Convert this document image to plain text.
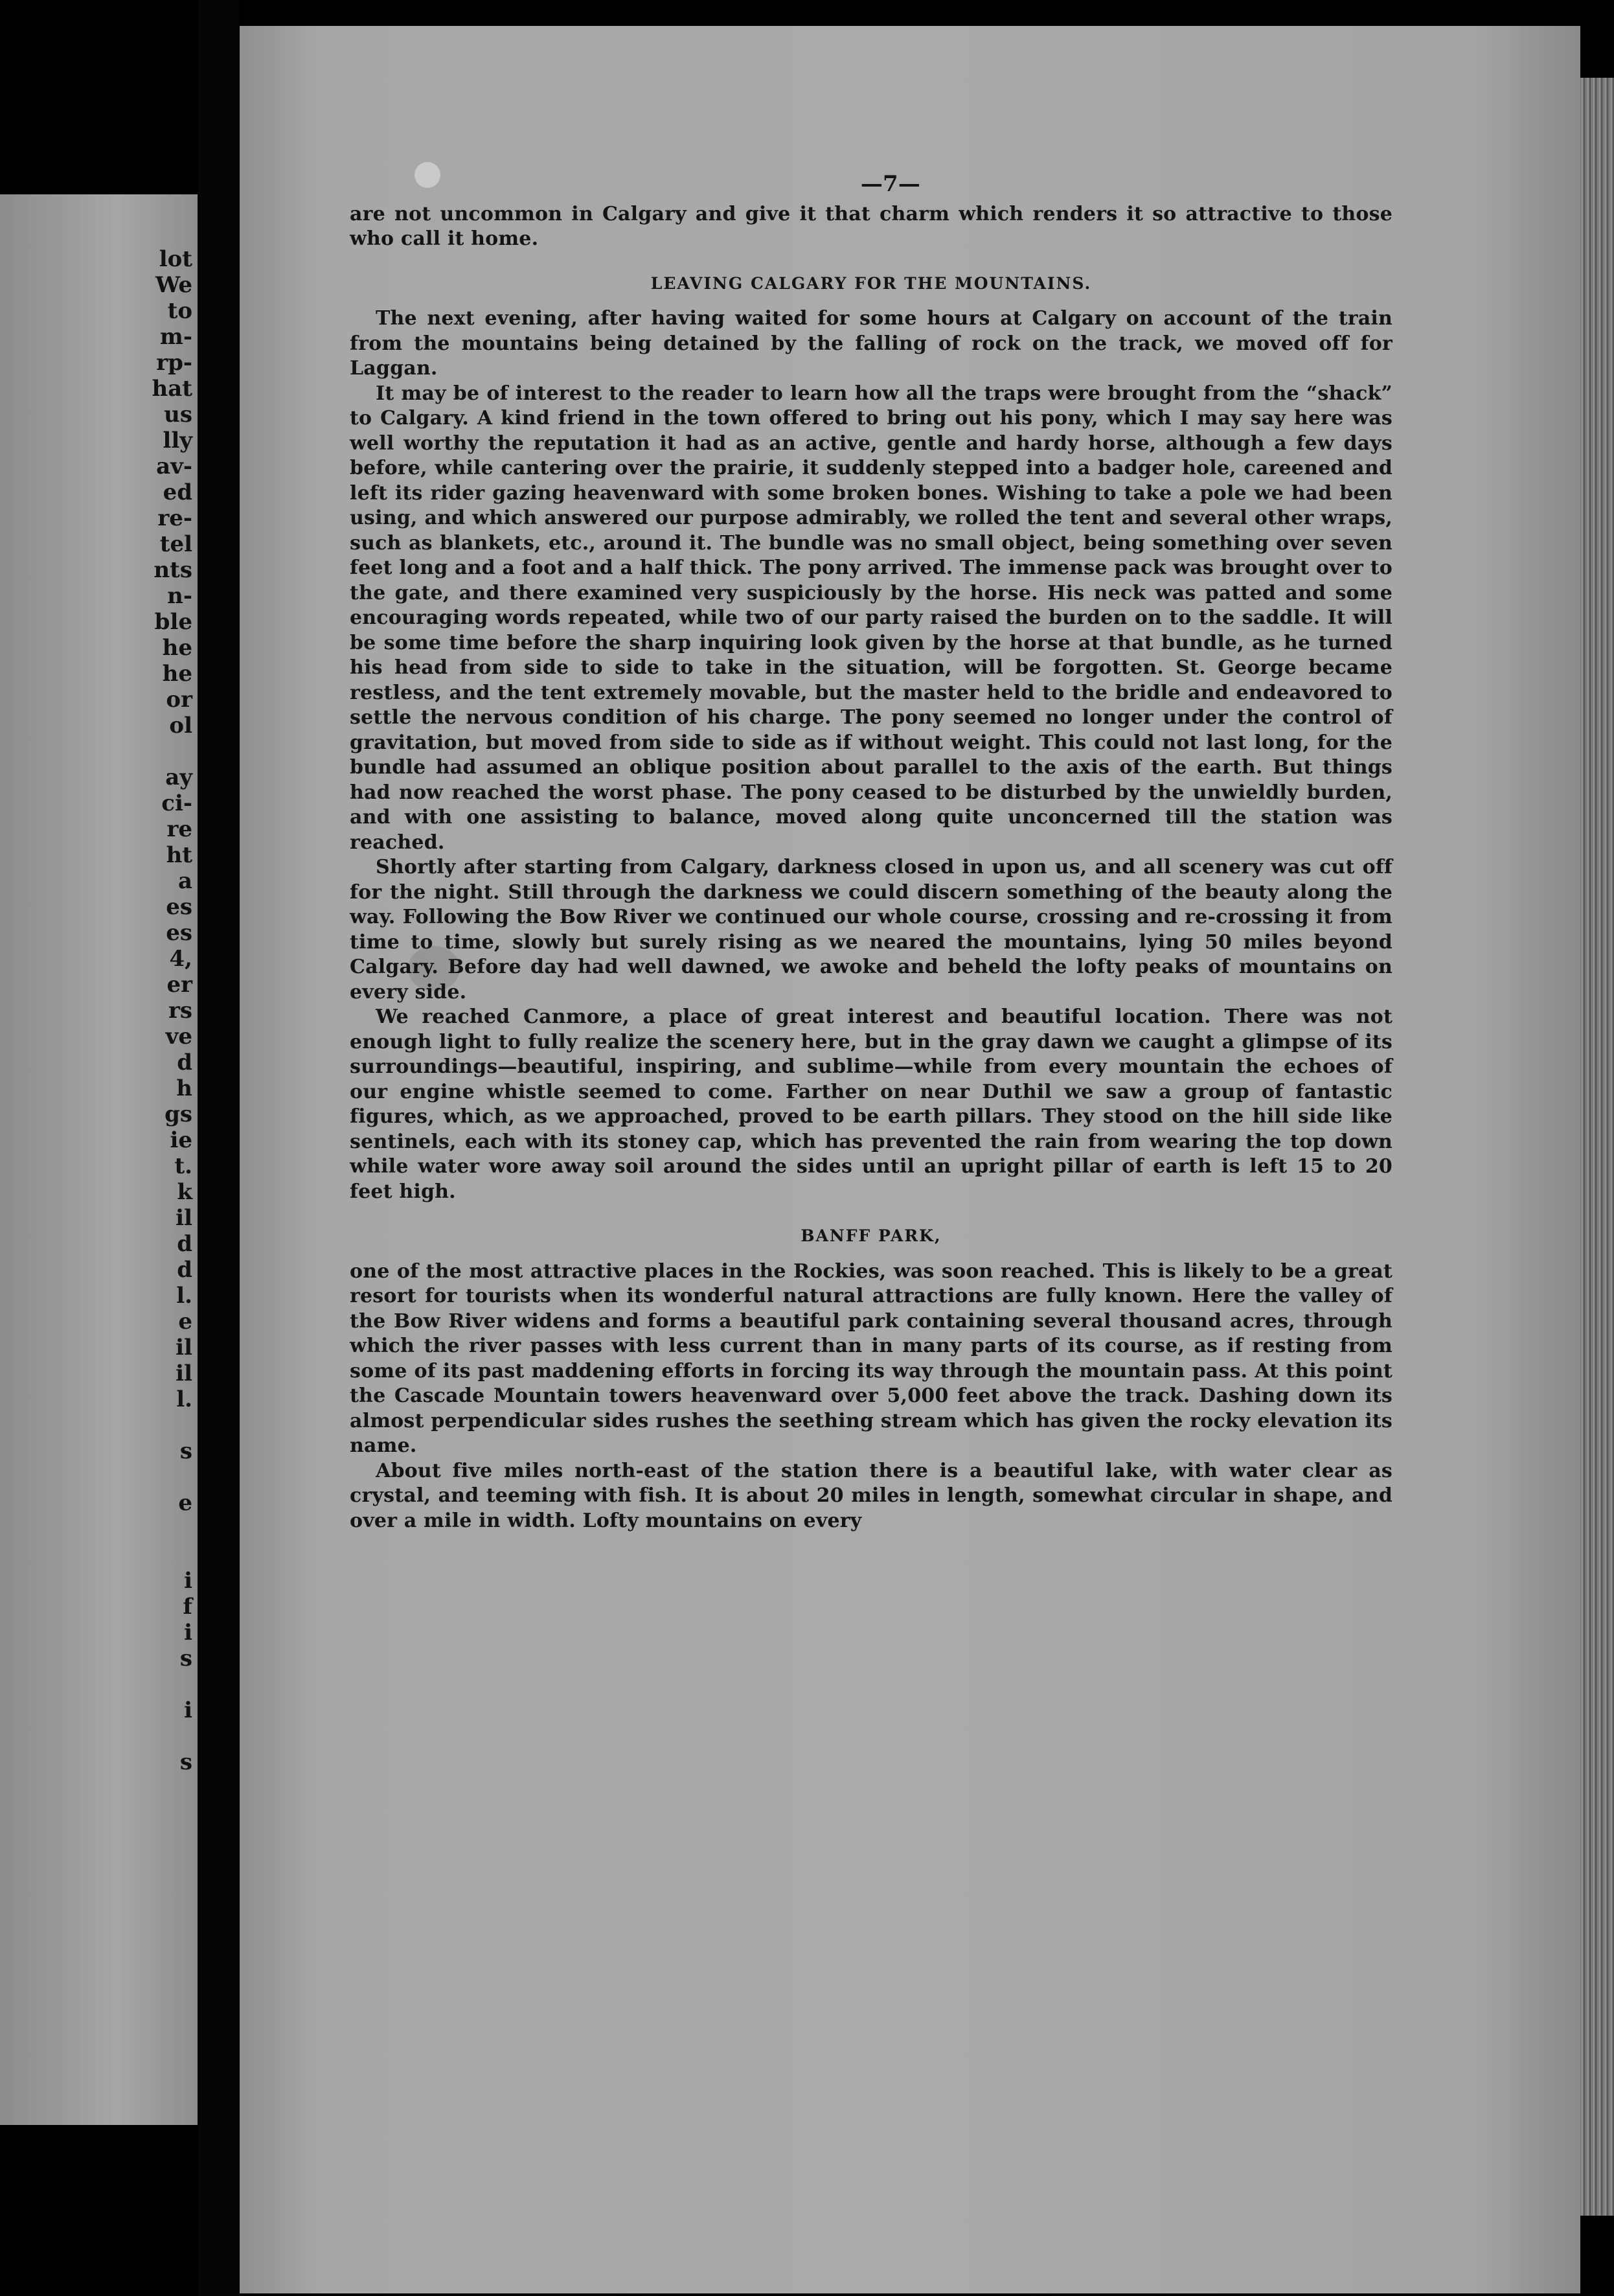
lot
We
to
m-
rp-
hat
us
lly
av-
ed
re-
tel
nts
n-
ble
he
he
or
ol
ay
ci-
re
ht
a
es
es
4,
er
rs
ve
d
h
gs
ie
t.
k
il
d
d
l.
e
il
il
l.
s
e
i
f
i
s
i
s
—7—

are not uncommon in Calgary and give it that charm which renders it so attractive to those who call it home.

LEAVING CALGARY FOR THE MOUNTAINS.

The next evening, after having waited for some hours at Calgary on account of the train from the mountains being detained by the falling of rock on the track, we moved off for Laggan.

It may be of interest to the reader to learn how all the traps were brought from the “shack” to Calgary. A kind friend in the town offered to bring out his pony, which I may say here was well worthy the reputation it had as an active, gentle and hardy horse, although a few days before, while cantering over the prairie, it suddenly stepped into a badger hole, careened and left its rider gazing heavenward with some broken bones. Wishing to take a pole we had been using, and which answered our purpose admirably, we rolled the tent and several other wraps, such as blankets, etc., around it. The bundle was no small object, being something over seven feet long and a foot and a half thick. The pony arrived. The immense pack was brought over to the gate, and there examined very suspiciously by the horse. His neck was patted and some encouraging words repeated, while two of our party raised the burden on to the saddle. It will be some time before the sharp inquiring look given by the horse at that bundle, as he turned his head from side to side to take in the situation, will be forgotten. St. George became restless, and the tent extremely movable, but the master held to the bridle and endeavored to settle the nervous condition of his charge. The pony seemed no longer under the control of gravitation, but moved from side to side as if without weight. This could not last long, for the bundle had assumed an oblique position about parallel to the axis of the earth. But things had now reached the worst phase. The pony ceased to be disturbed by the unwieldly burden, and with one assisting to balance, moved along quite unconcerned till the station was reached.

Shortly after starting from Calgary, darkness closed in upon us, and all scenery was cut off for the night. Still through the darkness we could discern something of the beauty along the way. Following the Bow River we continued our whole course, crossing and re-crossing it from time to time, slowly but surely rising as we neared the mountains, lying 50 miles beyond Calgary. Before day had well dawned, we awoke and beheld the lofty peaks of mountains on every side.

We reached Canmore, a place of great interest and beautiful location. There was not enough light to fully realize the scenery here, but in the gray dawn we caught a glimpse of its surroundings—beautiful, inspiring, and sublime—while from every mountain the echoes of our engine whistle seemed to come. Farther on near Duthil we saw a group of fantastic figures, which, as we approached, proved to be earth pillars. They stood on the hill side like sentinels, each with its stoney cap, which has prevented the rain from wearing the top down while water wore away soil around the sides until an upright pillar of earth is left 15 to 20 feet high.

BANFF PARK,

one of the most attractive places in the Rockies, was soon reached. This is likely to be a great resort for tourists when its wonderful natural attractions are fully known. Here the valley of the Bow River widens and forms a beautiful park containing several thousand acres, through which the river passes with less current than in many parts of its course, as if resting from some of its past maddening efforts in forcing its way through the mountain pass. At this point the Cascade Mountain towers heavenward over 5,000 feet above the track. Dashing down its almost perpendicular sides rushes the seething stream which has given the rocky elevation its name.

About five miles north-east of the station there is a beautiful lake, with water clear as crystal, and teeming with fish. It is about 20 miles in length, somewhat circular in shape, and over a mile in width. Lofty mountains on every
